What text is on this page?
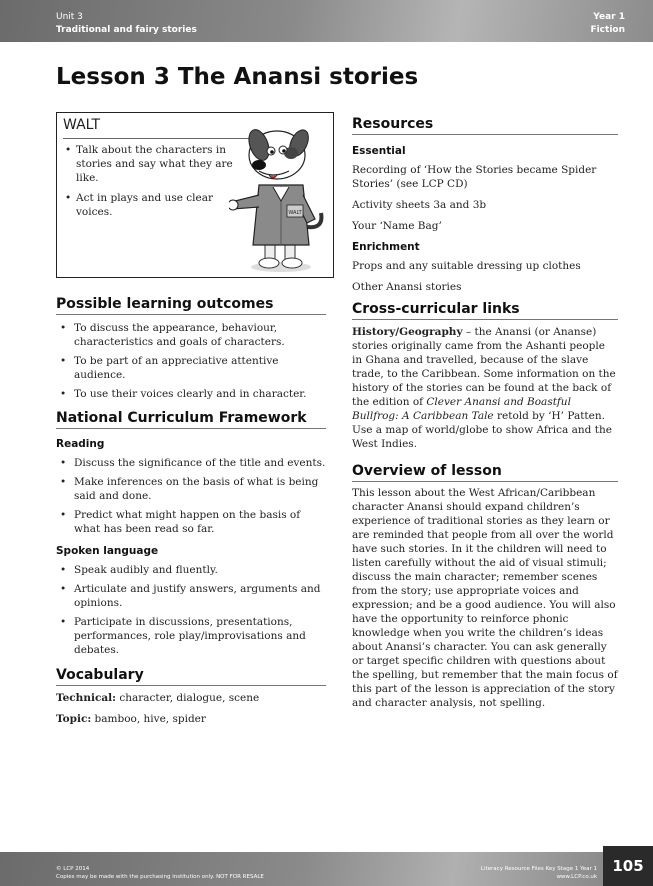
Unit 3
Traditional and fairy stories
Year 1
Fiction
Lesson 3 The Anansi stories
WALT
• Talk about the characters in stories and say what they are like.
• Act in plays and use clear voices.	WALT
Possible learning outcomes
• To discuss the appearance, behaviour, characteristics and goals of characters.
• To be part of an appreciative attentive audience.
• To use their voices clearly and in character.
National Curriculum Framework
Reading
• Discuss the significance of the title and events.
• Make inferences on the basis of what is being said and done.
• Predict what might happen on the basis of what has been read so far.
Spoken language
• Speak audibly and fluently.
• Articulate and justify answers, arguments and opinions.
• Participate in discussions, presentations, performances, role play/improvisations and debates.
Vocabulary

Technical: character, dialogue, scene

Topic: bamboo, hive, spider

Resources
Essential

Recording of ‘How the Stories became Spider Stories’ (see LCP CD)

Activity sheets 3a and 3b

Your ‘Name Bag’

Enrichment

Props and any suitable dressing up clothes

Other Anansi stories

Cross-curricular links

History/Geography – the Anansi (or Ananse) stories originally came from the Ashanti people in Ghana and travelled, because of the slave trade, to the Caribbean. Some information on the history of the stories can be found at the back of the edition of Clever Anansi and Boastful Bullfrog: A Caribbean Tale retold by ‘H’ Patten. Use a map of world/globe to show Africa and the West Indies.

Overview of lesson

This lesson about the West African/Caribbean character Anansi should expand children’s experience of traditional stories as they learn or are reminded that people from all over the world have such stories. In it the children will need to listen carefully without the aid of visual stimuli; discuss the main character; remember scenes from the story; use appropriate voices and expression; and be a good audience. You will also have the opportunity to reinforce phonic knowledge when you write the children’s ideas about Anansi’s character. You can ask generally or target specific children with questions about the spelling, but remember that the main focus of this part of the lesson is appreciation of the story and character analysis, not spelling.

© LCP 2014
Copies may be made with the purchasing institution only. NOT FOR RESALE
Literacy Resource Files Key Stage 1 Year 1
www.LCP.co.uk
105
